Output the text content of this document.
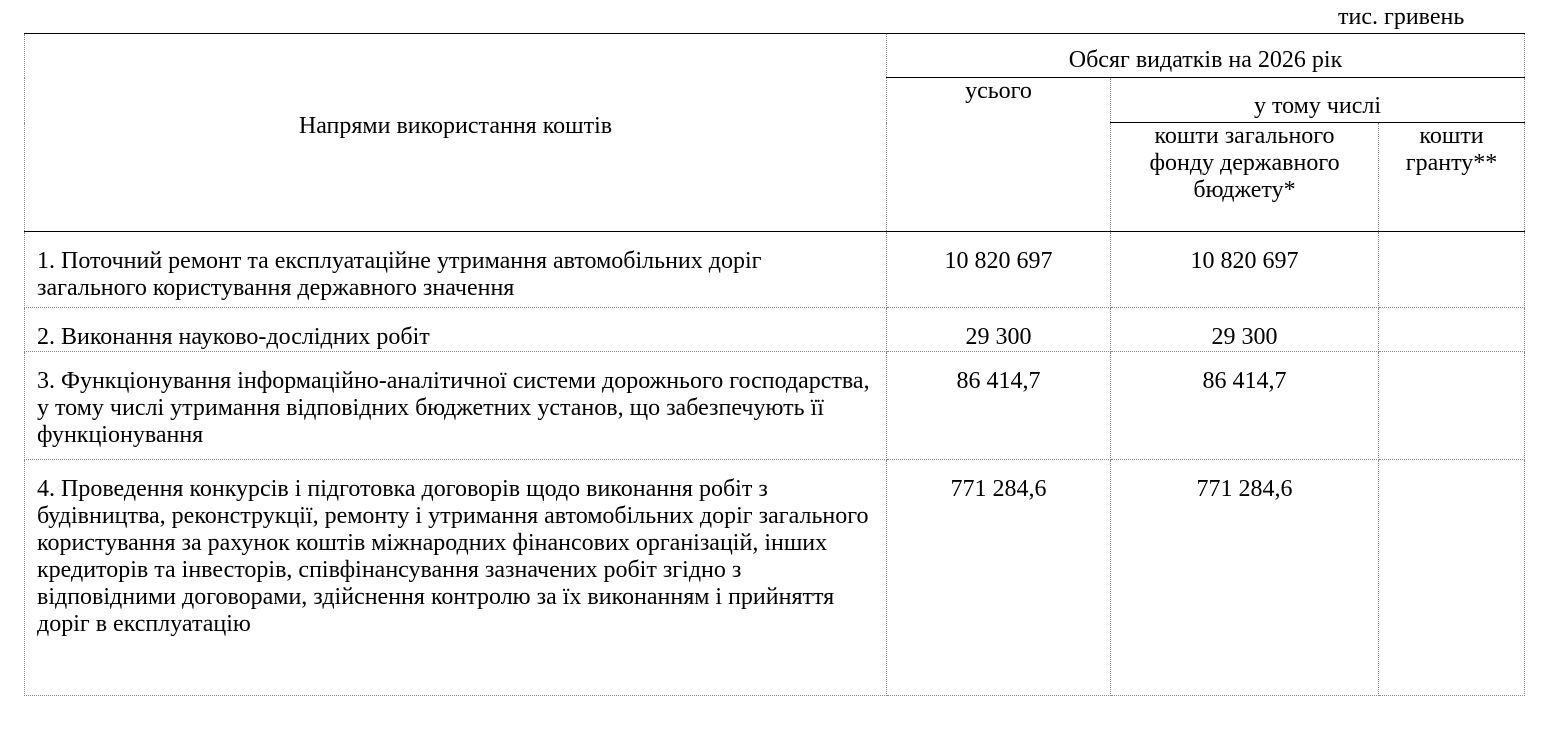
тис. гривень
Напрями використання коштів	Обсяг видатків на 2026 рік		
	усього	у тому числі	
		кошти загального фонду державного бюджету*	кошти гранту**
1. Поточний ремонт та експлуатаційне утримання автомобільних доріг загального користування державного значення	10 820 697	10 820 697	
2. Виконання науково-дослідних робіт	29 300	29 300	
3. Функціонування інформаційно-аналітичної системи дорожнього господарства, у тому числі утримання відповідних бюджетних установ, що забезпечують її функціонування	86 414,7	86 414,7	
4. Проведення конкурсів і підготовка договорів щодо виконання робіт з будівництва, реконструкції, ремонту і утримання автомобільних доріг загального користування за рахунок коштів міжнародних фінансових організацій, інших кредиторів та інвесторів, співфінансування зазначених робіт згідно з відповідними договорами, здійснення контролю за їх виконанням і прийняття доріг в експлуатацію	771 284,6	771 284,6	
